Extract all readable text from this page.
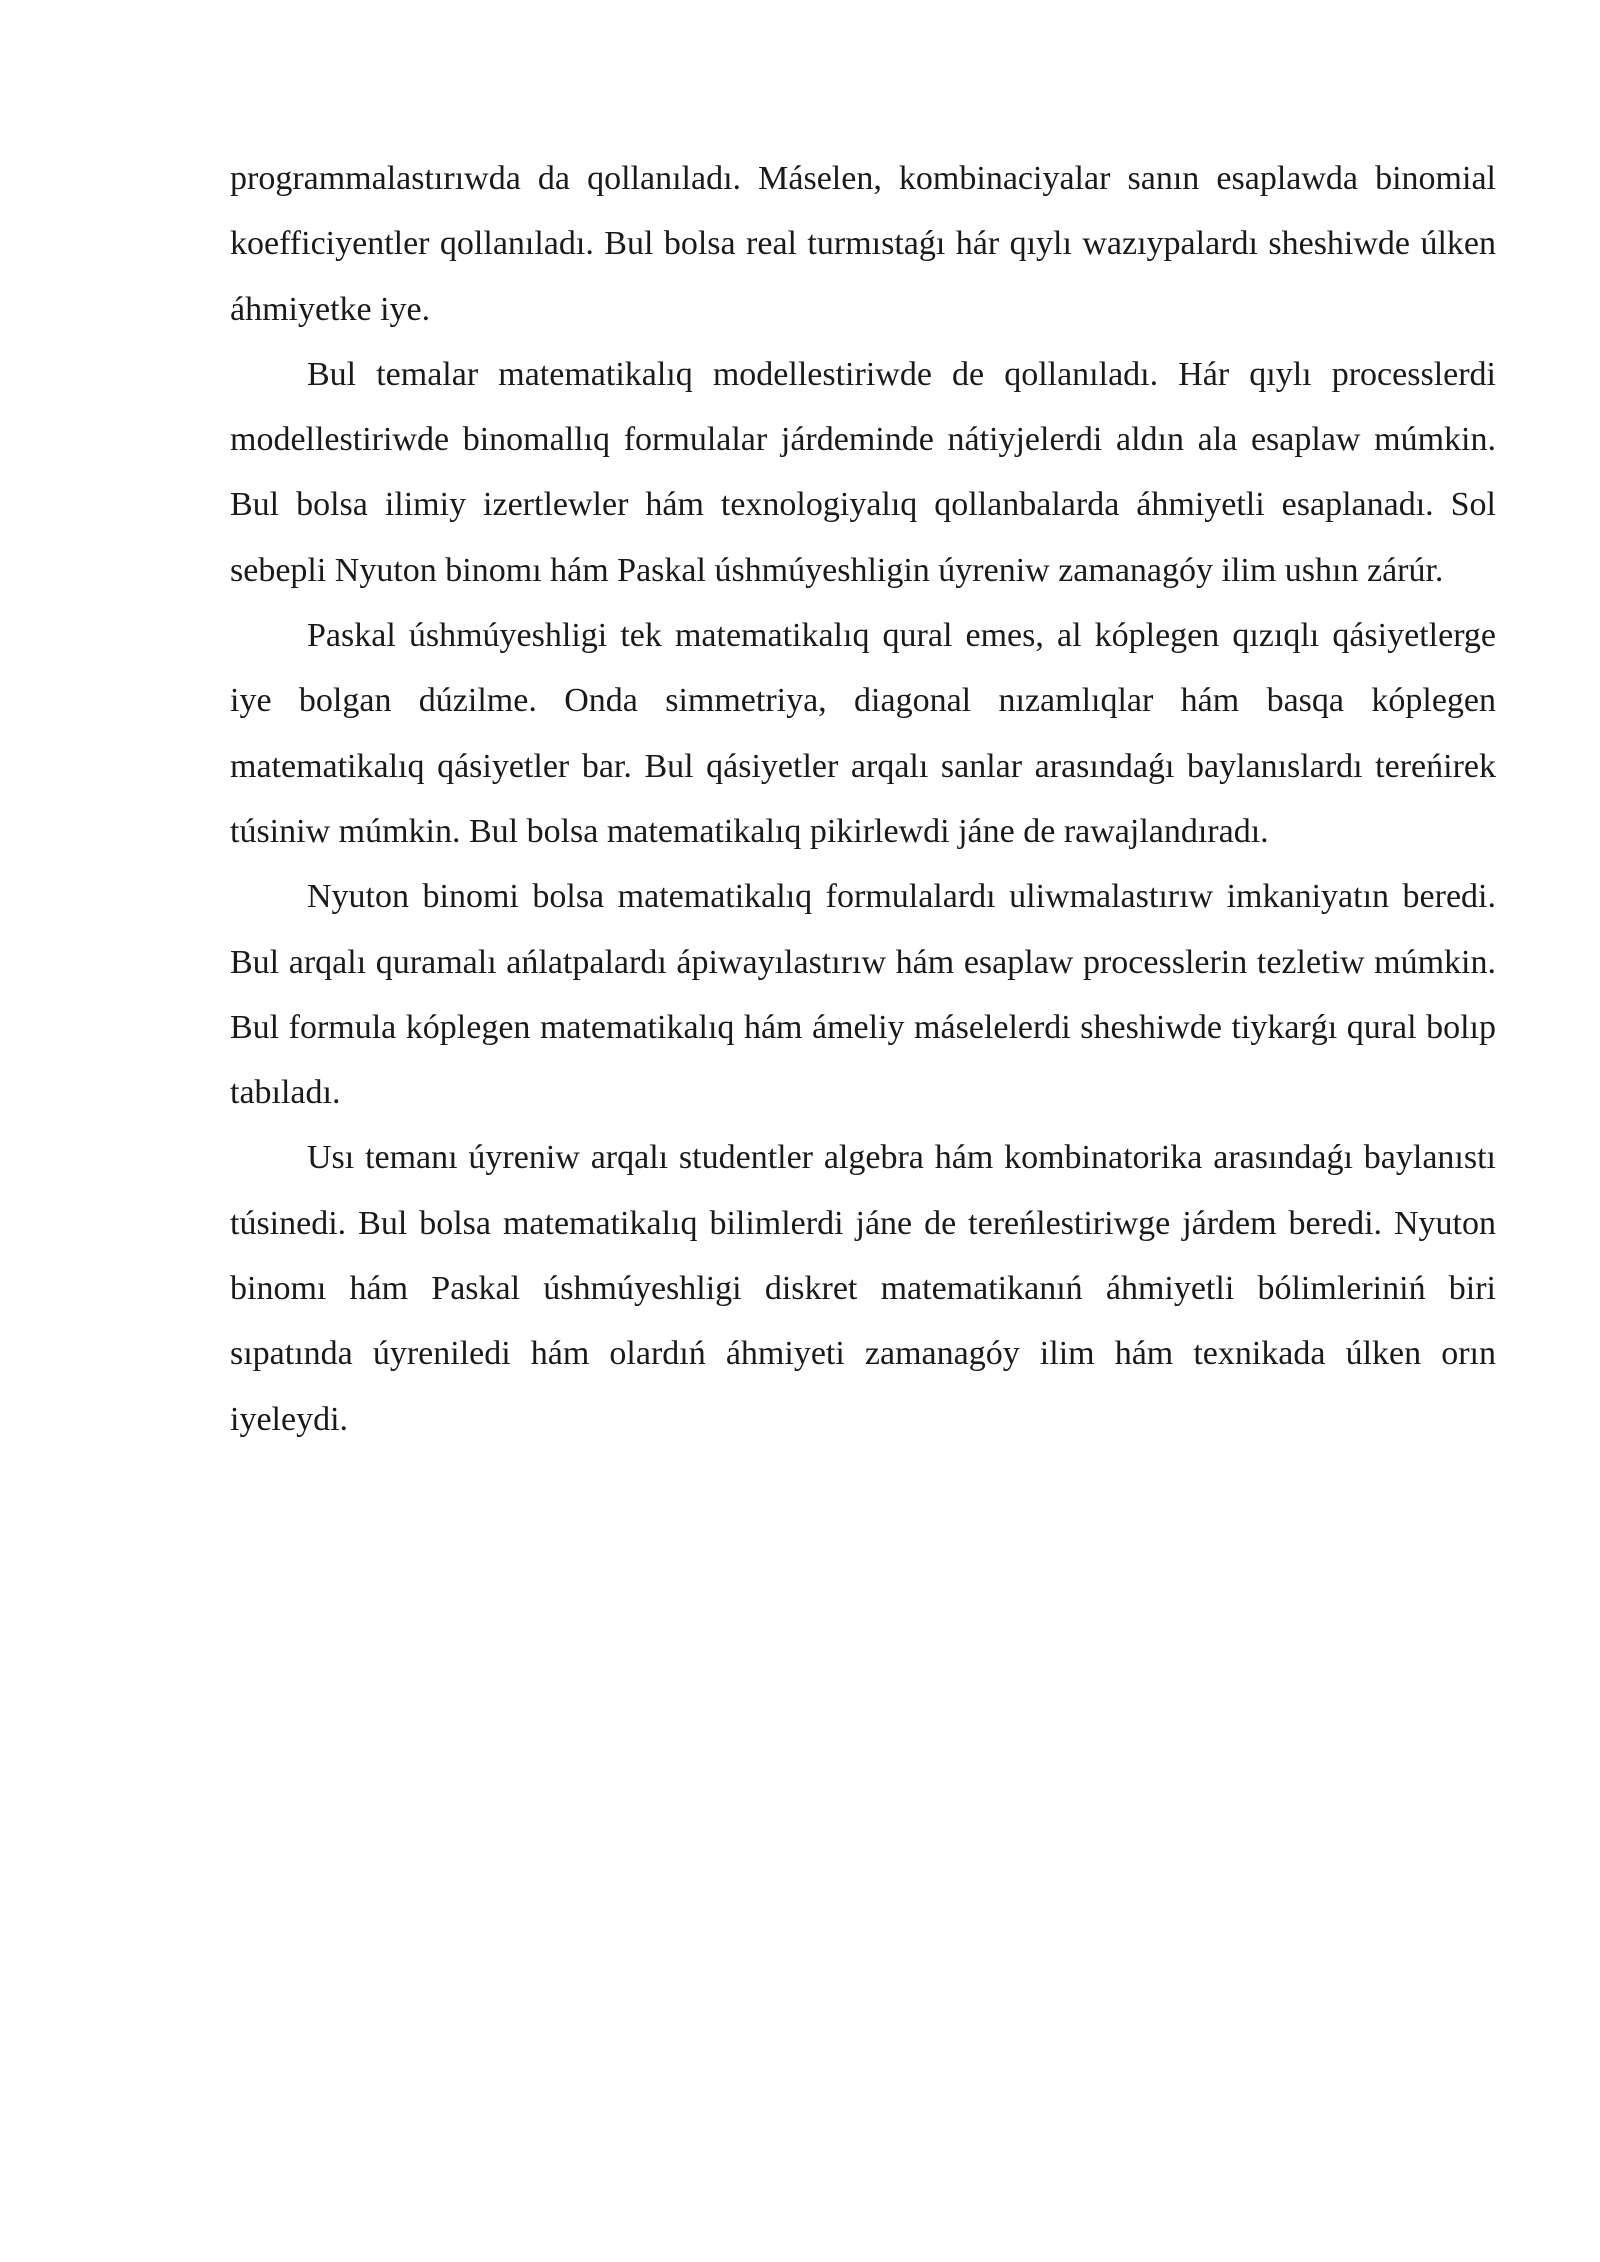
programmalastırıwda da qollanıladı. Máselen, kombinaciyalar sanın esaplawda binomial koefficiyentler qollanıladı. Bul bolsa real turmıstaǵı hár qıylı wazıypalardı sheshiwde úlken áhmiyetke iye.

Bul temalar matematikalıq modellestiriwde de qollanıladı. Hár qıylı processlerdi modellestiriwde binomallıq formulalar járdeminde nátiyjelerdi aldın ala esaplaw múmkin. Bul bolsa ilimiy izertlewler hám texnologiyalıq qollanbalarda áhmiyetli esaplanadı. Sol sebepli Nyuton binomı hám Paskal úshmúyeshligin úyreniw zamanagóy ilim ushın zárúr.

Paskal úshmúyeshligi tek matematikalıq qural emes, al kóplegen qızıqlı qásiyetlerge iye bolgan dúzilme. Onda simmetriya, diagonal nızamlıqlar hám basqa kóplegen matematikalıq qásiyetler bar. Bul qásiyetler arqalı sanlar arasındaǵı baylanıslardı tereńirek túsiniw múmkin. Bul bolsa matematikalıq pikirlewdi jáne de rawajlandıradı.

Nyuton binomi bolsa matematikalıq formulalardı uliwmalastırıw imkaniyatın beredi. Bul arqalı quramalı ańlatpalardı ápiwayılastırıw hám esaplaw processlerin tezletiw múmkin. Bul formula kóplegen matematikalıq hám ámeliy máselelerdi sheshiwde tiykarǵı qural bolıp tabıladı.

Usı temanı úyreniw arqalı studentler algebra hám kombinatorika arasındaǵı baylanıstı túsinedi. Bul bolsa matematikalıq bilimlerdi jáne de tereńlestiriwge járdem beredi. Nyuton binomı hám Paskal úshmúyeshligi diskret matematikanıń áhmiyetli bólimleriniń biri sıpatında úyreniledi hám olardıń áhmiyeti zamanagóy ilim hám texnikada úlken orın iyeleydi.
